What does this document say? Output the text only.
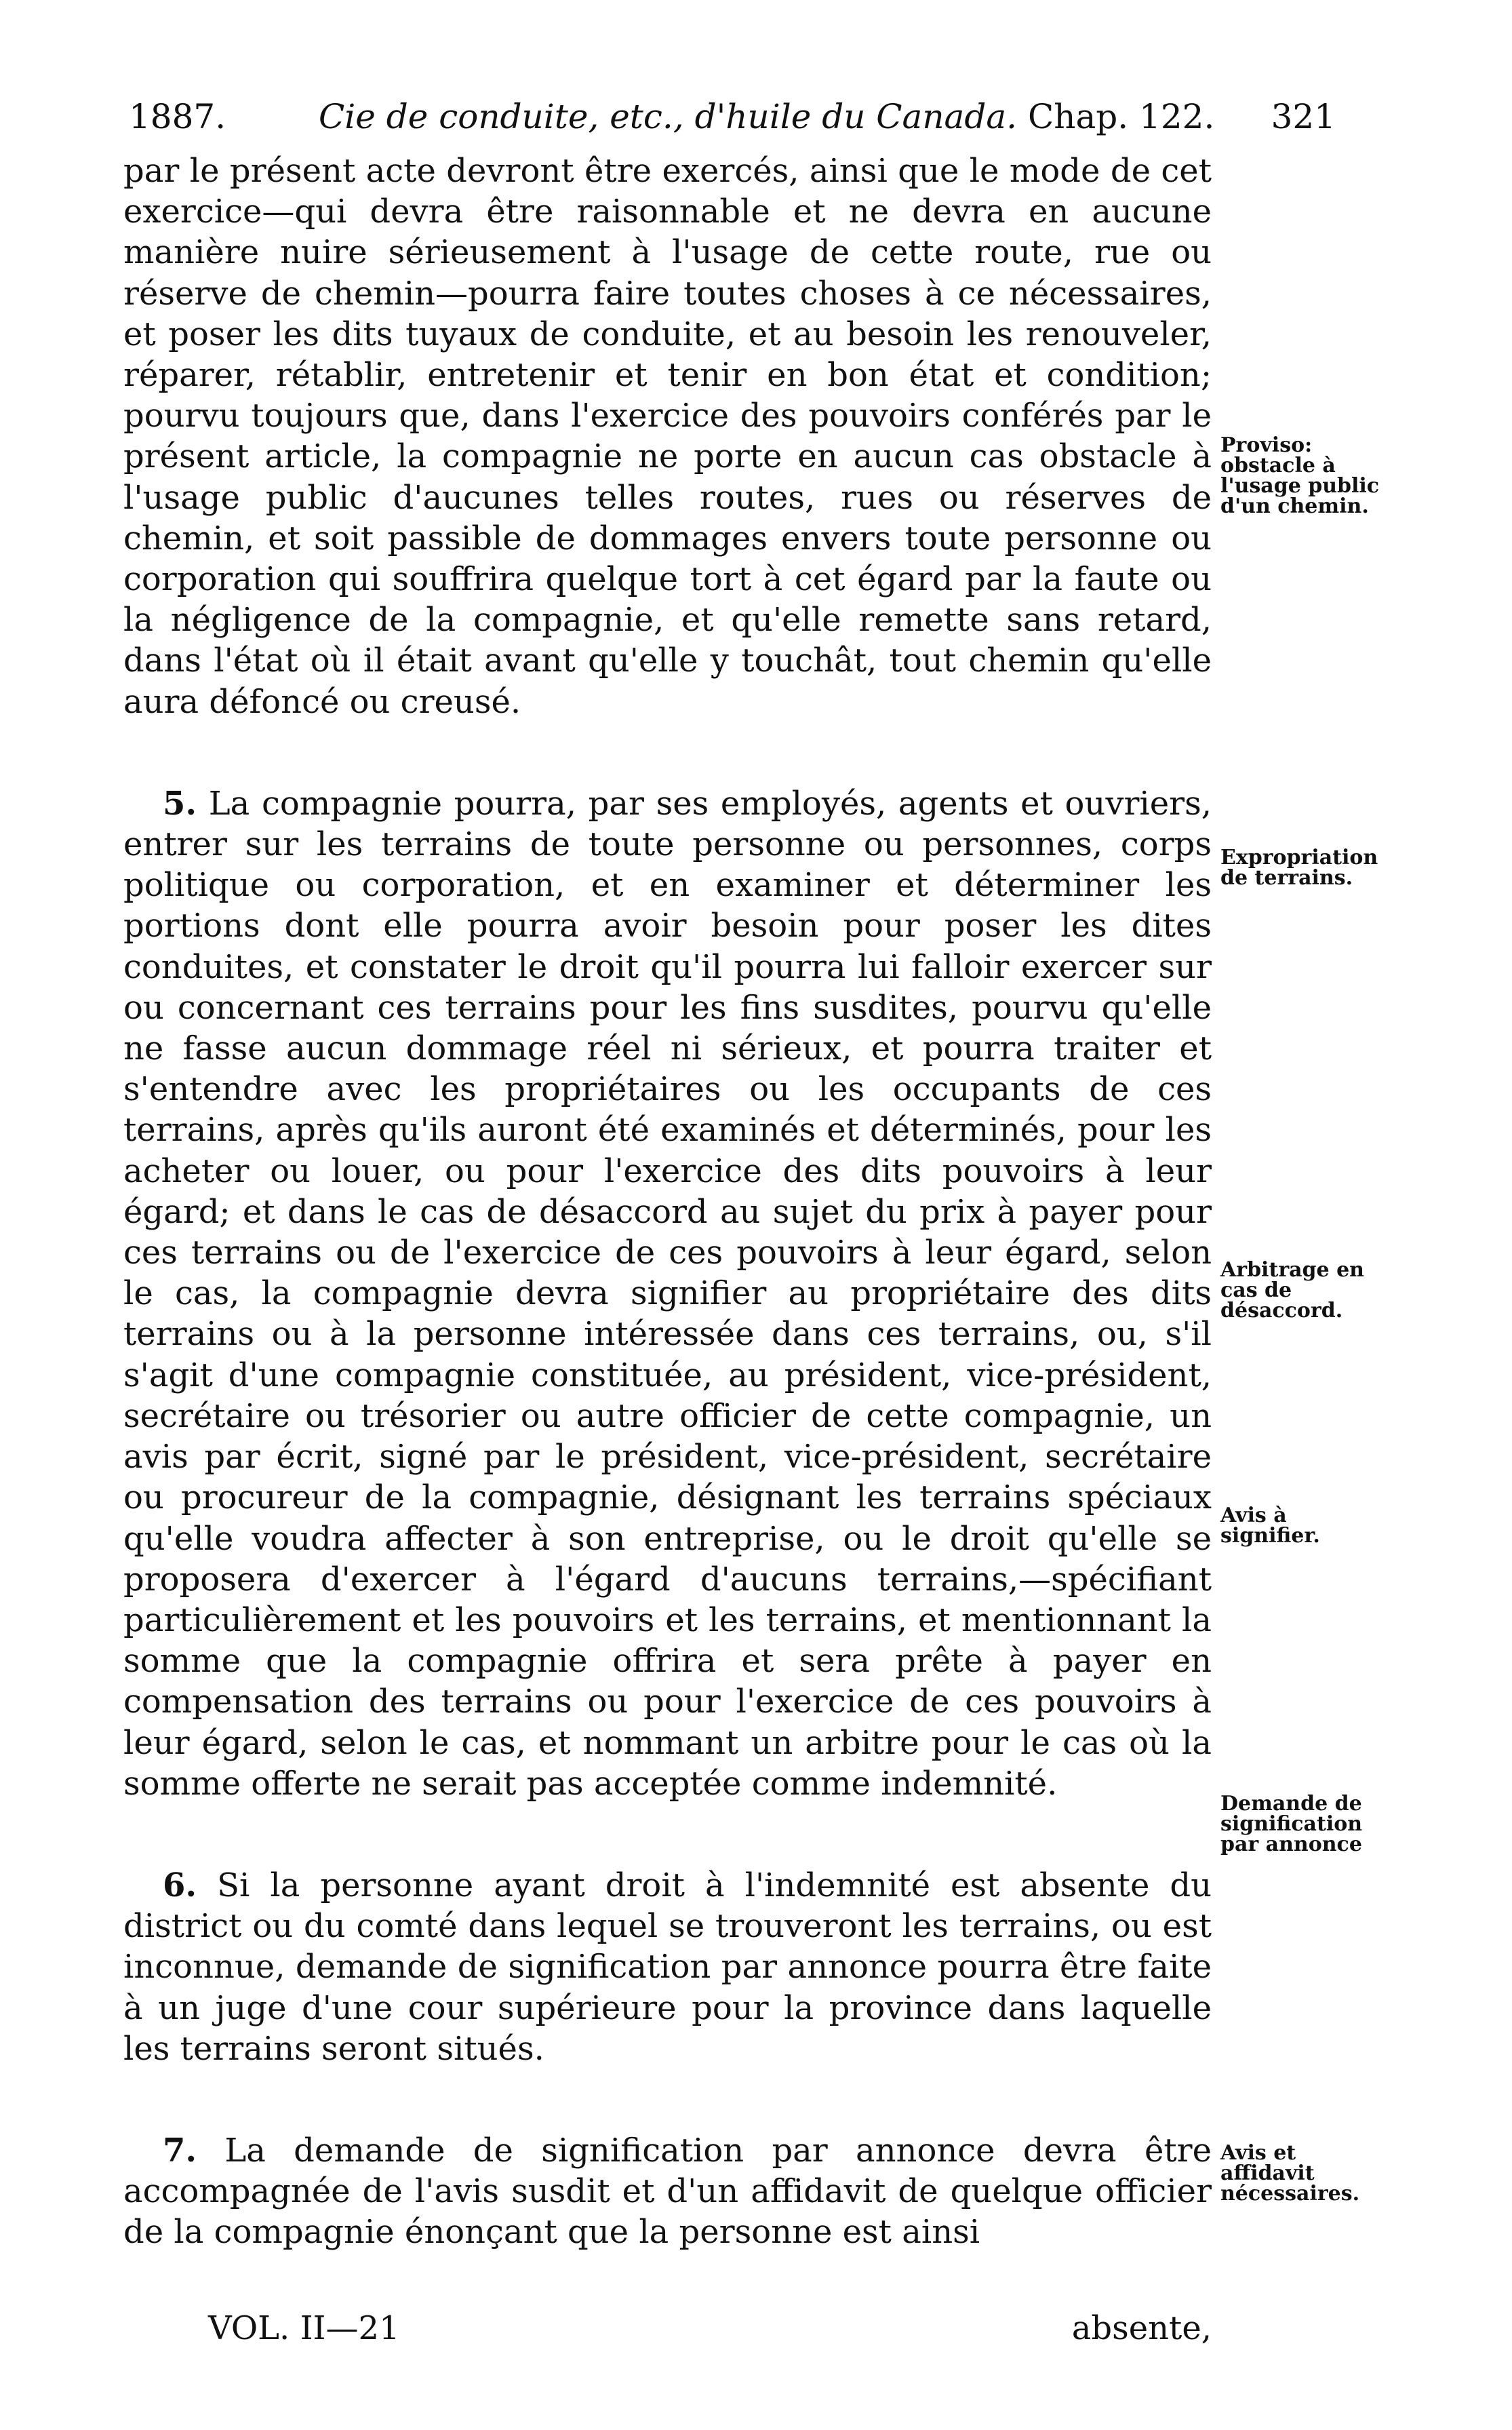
1887.	Cie de conduite, etc., d'huile du Canada. Chap. 122. 321

par le présent acte devront être exercés, ainsi que le mode de cet exercice—qui devra être raisonnable et ne devra en aucune manière nuire sérieusement à l'usage de cette route, rue ou réserve de chemin—pourra faire toutes choses à ce nécessaires, et poser les dits tuyaux de conduite, et au besoin les renouveler, réparer, rétablir, entretenir et tenir en bon état et condition; pourvu toujours que, dans l'exercice des pouvoirs conférés par le présent article, la compagnie ne porte en aucun cas obstacle à l'usage public d'aucunes telles routes, rues ou réserves de chemin, et soit passible de dommages envers toute personne ou corporation qui souffrira quelque tort à cet égard par la faute ou la négligence de la compagnie, et qu'elle remette sans retard, dans l'état où il était avant qu'elle y touchât, tout chemin qu'elle aura défoncé ou creusé.

5. La compagnie pourra, par ses employés, agents et ouvriers, entrer sur les terrains de toute personne ou personnes, corps politique ou corporation, et en examiner et déterminer les portions dont elle pourra avoir besoin pour poser les dites conduites, et constater le droit qu'il pourra lui falloir exercer sur ou concernant ces terrains pour les fins susdites, pourvu qu'elle ne fasse aucun dommage réel ni sérieux, et pourra traiter et s'entendre avec les propriétaires ou les occupants de ces terrains, après qu'ils auront été examinés et déterminés, pour les acheter ou louer, ou pour l'exercice des dits pouvoirs à leur égard; et dans le cas de désaccord au sujet du prix à payer pour ces terrains ou de l'exercice de ces pouvoirs à leur égard, selon le cas, la compagnie devra signifier au propriétaire des dits terrains ou à la personne intéressée dans ces terrains, ou, s'il s'agit d'une compagnie constituée, au président, vice-président, secrétaire ou trésorier ou autre officier de cette compagnie, un avis par écrit, signé par le président, vice-président, secrétaire ou procureur de la compagnie, désignant les terrains spéciaux qu'elle voudra affecter à son entreprise, ou le droit qu'elle se proposera d'exercer à l'égard d'aucuns terrains,—spécifiant particulièrement et les pouvoirs et les terrains, et mentionnant la somme que la compagnie offrira et sera prête à payer en compensation des terrains ou pour l'exercice de ces pouvoirs à leur égard, selon le cas, et nommant un arbitre pour le cas où la somme offerte ne serait pas acceptée comme indemnité.

6. Si la personne ayant droit à l'indemnité est absente du district ou du comté dans lequel se trouveront les terrains, ou est inconnue, demande de signification par annonce pourra être faite à un juge d'une cour supérieure pour la province dans laquelle les terrains seront situés.

7. La demande de signification par annonce devra être accompagnée de l'avis susdit et d'un affidavit de quelque officier de la compagnie énonçant que la personne est ainsi

Proviso: obstacle à l'usage public d'un chemin.
Expropriation de terrains.
Arbitrage en cas de désaccord.
Avis à signifier.
Demande de signification par annonce
Avis et affidavit nécessaires.
VOL. II—21	absente,
